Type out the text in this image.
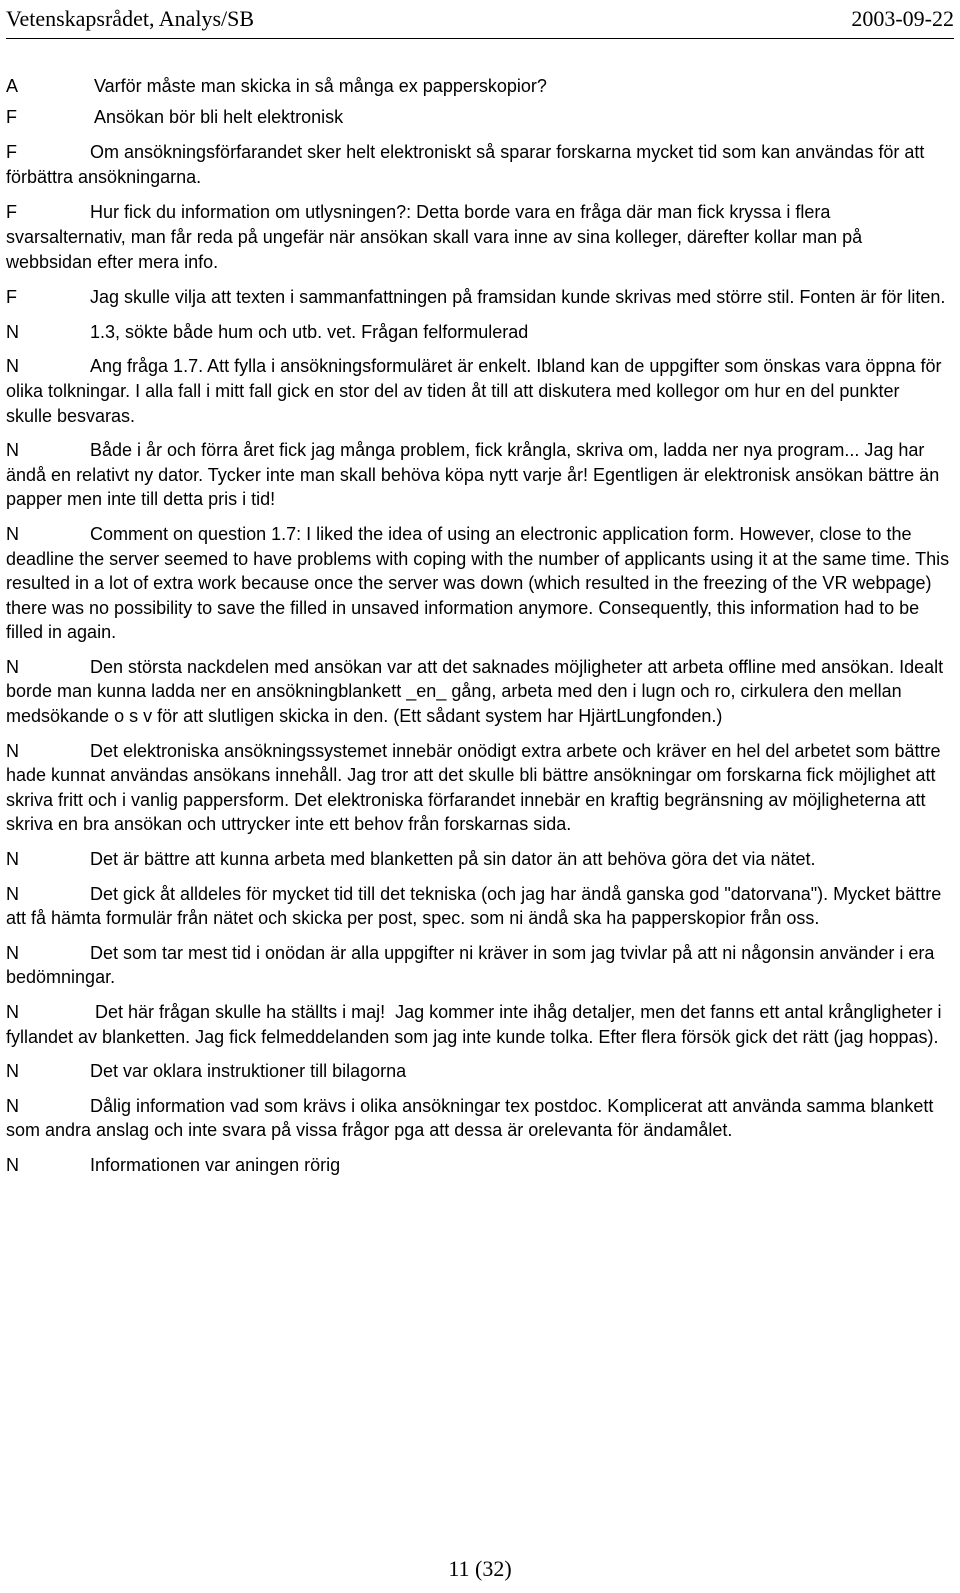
Vetenskapsrådet, Analys/SB	2003-09-22

A	Varför måste man skicka in så många ex papperskopior?

F	Ansökan bör bli helt elektronisk

F	Om ansökningsförfarandet sker helt elektroniskt så sparar forskarna mycket tid som kan användas för att förbättra ansökningarna.

F	Hur fick du information om utlysningen?: Detta borde vara en fråga där man fick kryssa i flera svarsalternativ, man får reda på ungefär när ansökan skall vara inne av sina kolleger, därefter kollar man på webbsidan efter mera info.

F	Jag skulle vilja att texten i sammanfattningen på framsidan kunde skrivas med större stil. Fonten är för liten.

N	1.3, sökte både hum och utb. vet. Frågan felformulerad

N	Ang fråga 1.7. Att fylla i ansökningsformuläret är enkelt. Ibland kan de uppgifter som önskas vara öppna för olika tolkningar. I alla fall i mitt fall gick en stor del av tiden åt till att diskutera med kollegor om hur en del punkter skulle besvaras.

N	Både i år och förra året fick jag många problem, fick krångla, skriva om, ladda ner nya program... Jag har ändå en relativt ny dator. Tycker inte man skall behöva köpa nytt varje år! Egentligen är elektronisk ansökan bättre än papper men inte till detta pris i tid!

N	Comment on question 1.7: I liked the idea of using an electronic application form. However, close to the deadline the server seemed to have problems with coping with the number of applicants using it at the same time. This resulted in a lot of extra work because once the server was down (which resulted in the freezing of the VR webpage) there was no possibility to save the filled in unsaved information anymore. Consequently, this information had to be filled in again.

N	Den största nackdelen med ansökan var att det saknades möjligheter att arbeta offline med ansökan. Idealt borde man kunna ladda ner en ansökningblankett _en_ gång, arbeta med den i lugn och ro, cirkulera den mellan medsökande o s v för att slutligen skicka in den. (Ett sådant system har HjärtLungfonden.)

N	Det elektroniska ansökningssystemet innebär onödigt extra arbete och kräver en hel del arbetet som bättre hade kunnat användas ansökans innehåll. Jag tror att det skulle bli bättre ansökningar om forskarna fick möjlighet att skriva fritt och i vanlig pappersform. Det elektroniska förfarandet innebär en kraftig begränsning av möjligheterna att skriva en bra ansökan och uttrycker inte ett behov från forskarnas sida.

N	Det är bättre att kunna arbeta med blanketten på sin dator än att behöva göra det via nätet.

N	Det gick åt alldeles för mycket tid till det tekniska (och jag har ändå ganska god "datorvana"). Mycket bättre att få hämta formulär från nätet och skicka per post, spec. som ni ändå ska ha papperskopior från oss.

N	Det som tar mest tid i onödan är alla uppgifter ni kräver in som jag tvivlar på att ni någonsin använder i era bedömningar.

N	Det här frågan skulle ha ställts i maj!  Jag kommer inte ihåg detaljer, men det fanns ett antal krångligheter i fyllandet av blanketten. Jag fick felmeddelanden som jag inte kunde tolka. Efter flera försök gick det rätt (jag hoppas).

N	Det var oklara instruktioner till bilagorna

N	Dålig information vad som krävs i olika ansökningar tex postdoc. Komplicerat att använda samma blankett som andra anslag och inte svara på vissa frågor pga att dessa är orelevanta för ändamålet.

N	Informationen var aningen rörig

11 (32)
